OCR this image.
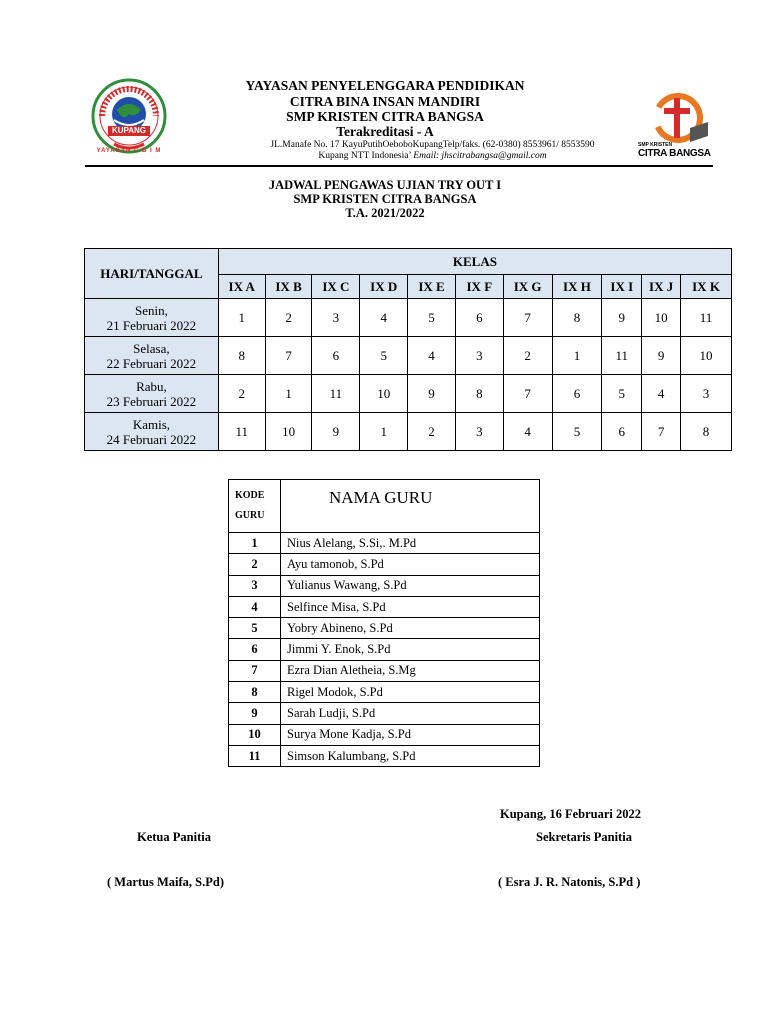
KUPANG
YAYASAN C B I M
YAYASAN PENYELENGGARA PENDIDIKAN
CITRA BINA INSAN MANDIRI
SMP KRISTEN CITRA BANGSA
Terakreditasi - A
JL.Manafe No. 17 KayuPutihOeboboKupangTelp/faks. (62-0380) 8553961/ 8553590
Kupang NTT Indonesia’ Email: jhscitrabangsa@gmail.com
SMP KRISTEN
CITRA BANGSA
JADWAL PENGAWAS UJIAN TRY OUT I
SMP KRISTEN CITRA BANGSA
T.A. 2021/2022
HARI/TANGGAL	KELAS										
	IX A	IX B	IX C	IX D	IX E	IX F	IX G	IX H	IX I	IX J	IX K
Senin,
21 Februari 2022	1	2	3	4	5	6	7	8	9	10	11
Selasa,
22 Februari 2022	8	7	6	5	4	3	2	1	11	9	10
Rabu,
23 Februari 2022	2	1	11	10	9	8	7	6	5	4	3
Kamis,
24 Februari 2022	11	10	9	1	2	3	4	5	6	7	8
KODE
GURU	NAMA GURU
1	Nius Alelang, S.Si,. M.Pd
2	Ayu tamonob, S.Pd
3	Yulianus Wawang, S.Pd
4	Selfince Misa, S.Pd
5	Yobry Abineno, S.Pd
6	Jimmi Y. Enok, S.Pd
7	Ezra Dian Aletheia, S.Mg
8	Rigel Modok, S.Pd
9	Sarah Ludji, S.Pd
10	Surya Mone Kadja, S.Pd
11	Simson Kalumbang, S.Pd
Kupang, 16 Februari 2022
Ketua Panitia	Sekretaris Panitia
( Martus Maifa, S.Pd)	( Esra J. R. Natonis, S.Pd )
